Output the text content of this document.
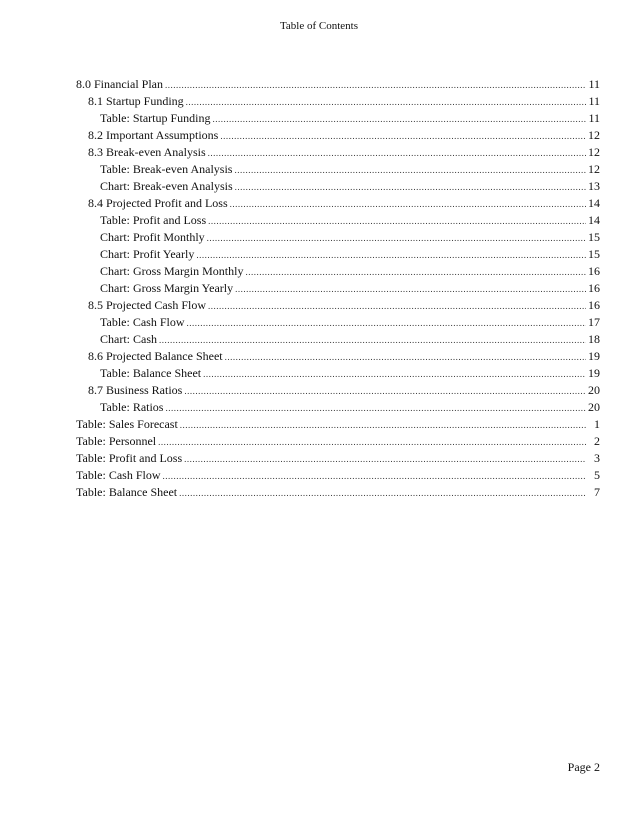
Table of Contents
8.0 Financial Plan .....	11
8.1 Startup Funding .....	11
Table: Startup Funding .....	11
8.2 Important Assumptions .....	12
8.3 Break-even Analysis .....	12
Table: Break-even Analysis .....	12
Chart: Break-even Analysis .....	13
8.4 Projected Profit and Loss .....	14
Table: Profit and Loss .....	14
Chart: Profit Monthly .....	15
Chart: Profit Yearly .....	15
Chart: Gross Margin Monthly .....	16
Chart: Gross Margin Yearly .....	16
8.5 Projected Cash Flow .....	16
Table: Cash Flow .....	17
Chart: Cash .....	18
8.6 Projected Balance Sheet .....	19
Table: Balance Sheet .....	19
8.7 Business Ratios .....	20
Table: Ratios .....	20
Table: Sales Forecast .....	1
Table: Personnel .....	2
Table: Profit and Loss .....	3
Table: Cash Flow .....	5
Table: Balance Sheet .....	7
Page 2
